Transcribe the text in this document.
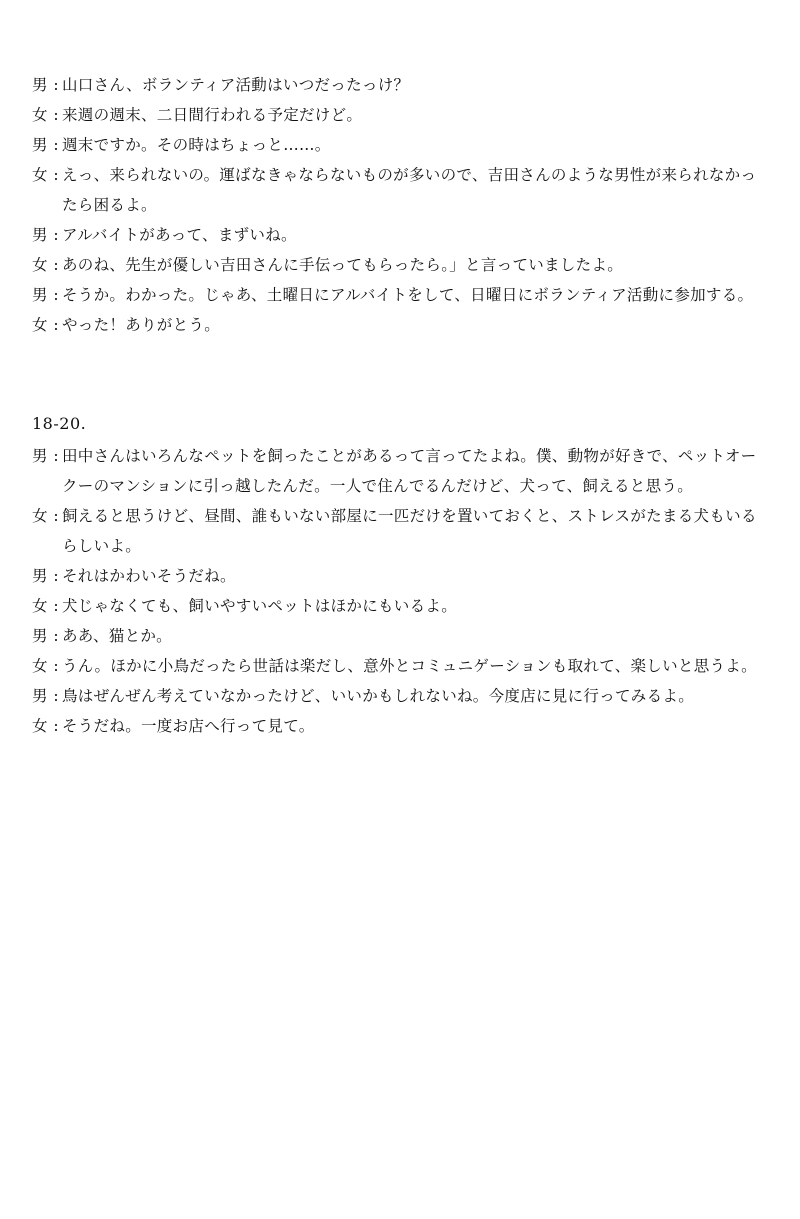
男 : 山口さん、ボランティア活動はいつだったっけ？
女 : 来週の週末、二日間行われる予定だけど。
男 : 週末ですか。その時はちょっと……。
女 : えっ、来られないの。運ばなきゃならないものが多いので、吉田さんのような男性が来られなかったら困るよ。
男 : アルバイトがあって、まずいね。
女 : あのね、先生が優しい吉田さんに手伝ってもらったら。」と言っていましたよ。
男 : そうか。わかった。じゃあ、土曜日にアルバイトをして、日曜日にボランティア活動に参加する。
女 : やった！ありがとう。
18-20.
男 : 田中さんはいろんなペットを飼ったことがあるって言ってたよね。僕、動物が好きで、ペットオークーのマンションに引っ越したんだ。一人で住んでるんだけど、犬って、飼えると思う。
女 : 飼えると思うけど、昼間、誰もいない部屋に一匹だけを置いておくと、ストレスがたまる犬もいるらしいよ。
男 : それはかわいそうだね。
女 : 犬じゃなくても、飼いやすいペットはほかにもいるよ。
男 : ああ、猫とか。
女 : うん。ほかに小鳥だったら世話は楽だし、意外とコミュニゲーションも取れて、楽しいと思うよ。
男 : 鳥はぜんぜん考えていなかったけど、いいかもしれないね。今度店に見に行ってみるよ。
女 : そうだね。一度お店へ行って見て。
